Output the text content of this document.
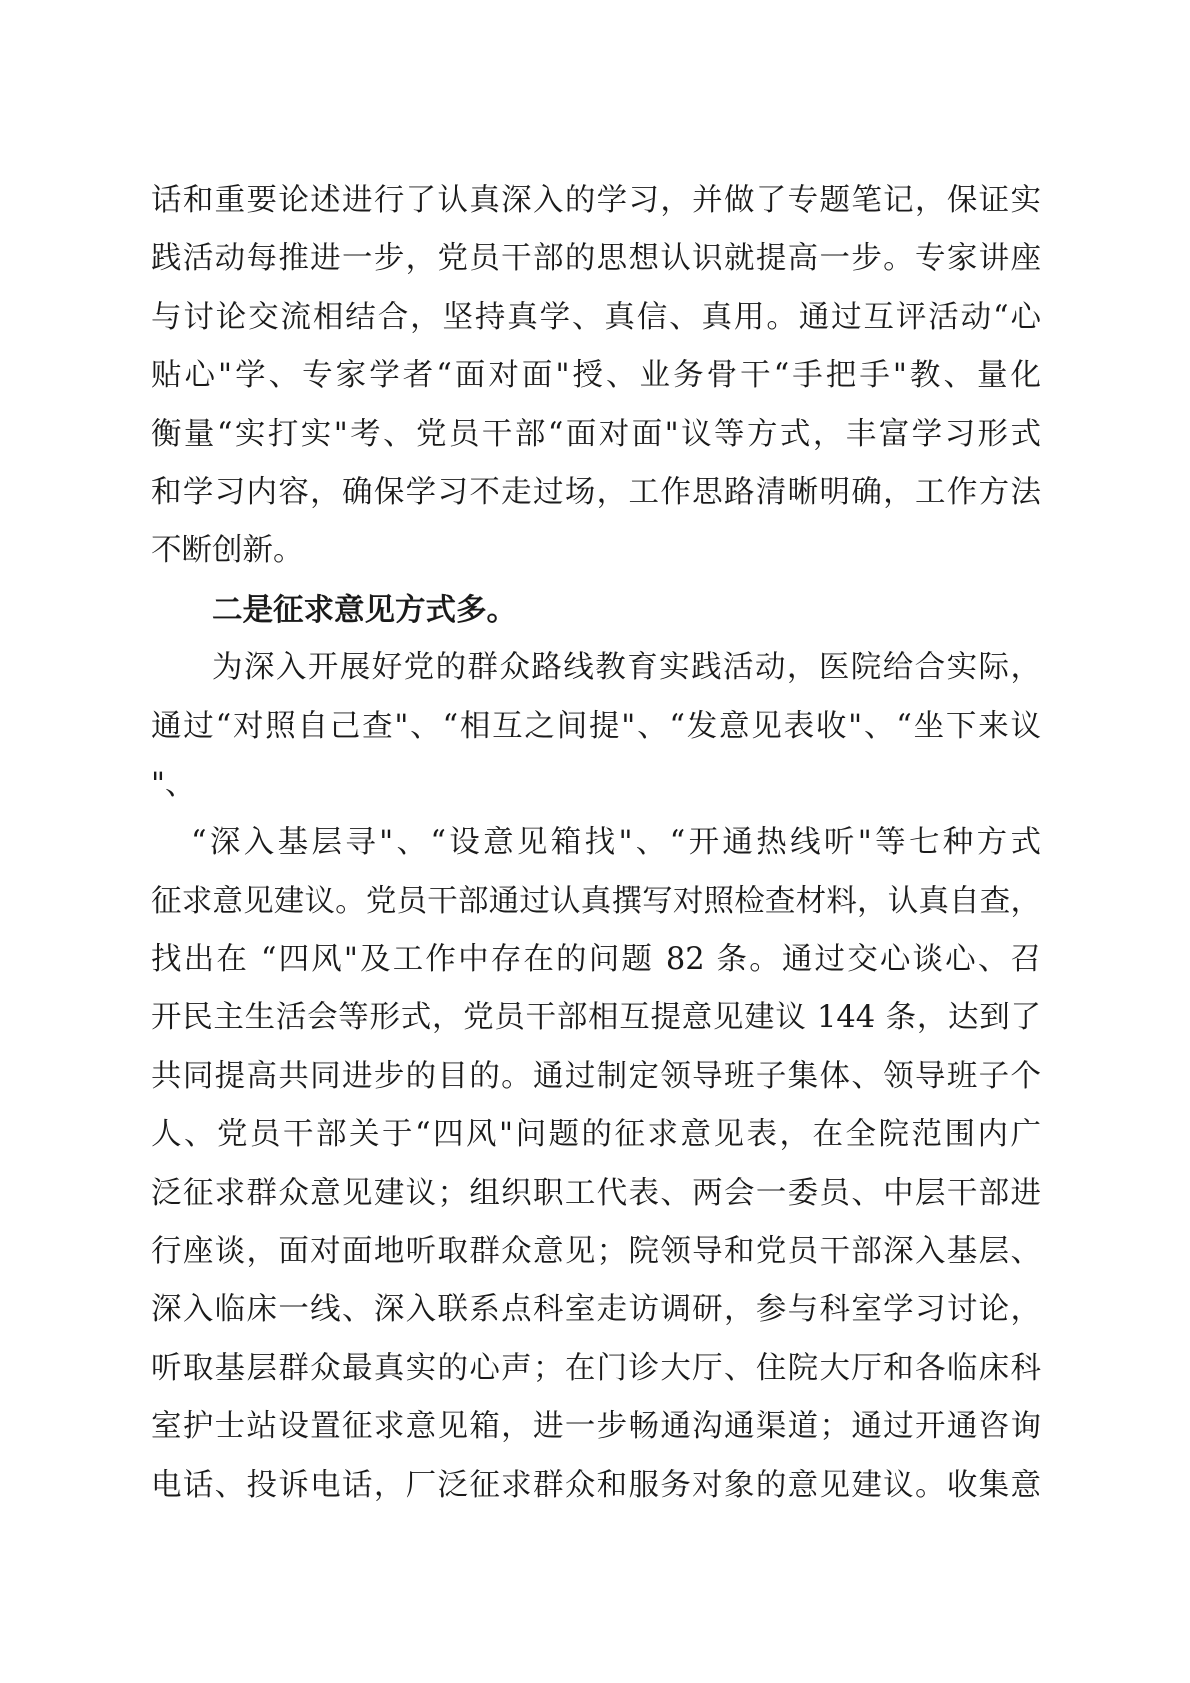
话和重要论述进行了认真深入的学习，并做了专题笔记，保证实
践活动每推进一步，党员干部的思想认识就提高一步。专家讲座
与讨论交流相结合，坚持真学、真信、真用。通过互评活动“心
贴心"学、专家学者“面对面"授、业务骨干“手把手"教、量化
衡量“实打实"考、党员干部“面对面"议等方式，丰富学习形式
和学习内容，确保学习不走过场，工作思路清晰明确，工作方法
不断创新。
二是征求意见方式多。
为深入开展好党的群众路线教育实践活动，医院给合实际，
通过“对照自己查"、“相互之间提"、“发意见表收"、“坐下来议
"、
“深入基层寻"、“设意见箱找"、“开通热线听"等七种方式
征求意见建议。党员干部通过认真撰写对照检查材料，认真自查，
找出在 “四风"及工作中存在的问题 82 条。通过交心谈心、召
开民主生活会等形式，党员干部相互提意见建议 144 条，达到了
共同提高共同进步的目的。通过制定领导班子集体、领导班子个
人、党员干部关于“四风"问题的征求意见表，在全院范围内广
泛征求群众意见建议；组织职工代表、两会一委员、中层干部进
行座谈，面对面地听取群众意见；院领导和党员干部深入基层、
深入临床一线、深入联系点科室走访调研，参与科室学习讨论，
听取基层群众最真实的心声；在门诊大厅、住院大厅和各临床科
室护士站设置征求意见箱，进一步畅通沟通渠道；通过开通咨询
电话、投诉电话，厂泛征求群众和服务对象的意见建议。收集意
